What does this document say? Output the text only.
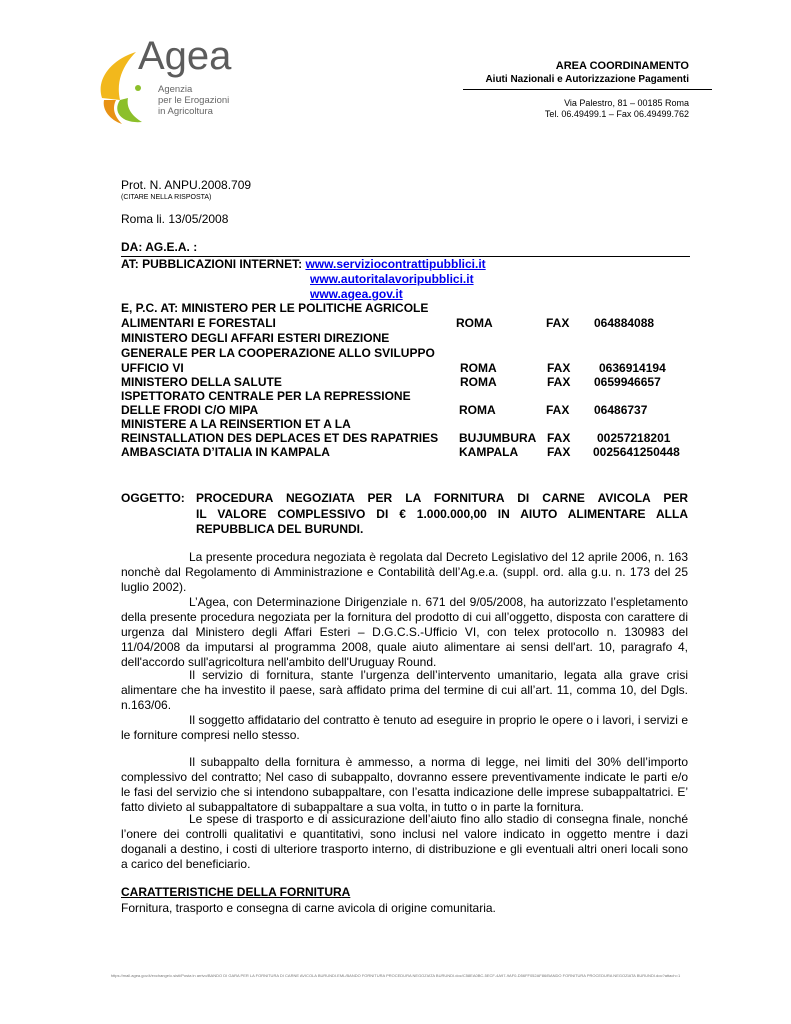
Agea
Agenzia
per le Erogazioni
in Agricoltura
AREA COORDINAMENTO
Aiuti Nazionali e Autorizzazione Pagamenti
Via Palestro, 81 – 00185 Roma
Tel. 06.49499.1 – Fax 06.49499.762
Prot. N. ANPU.2008.709
(CITARE NELLA RISPOSTA)
Roma li. 13/05/2008
DA: AG.E.A. :
AT: PUBBLICAZIONI INTERNET: www.serviziocontrattipubblici.it
www.autoritalavoripubblici.it
www.agea.gov.it
E, P.C. AT: MINISTERO PER LE POLITICHE AGRICOLE
ALIMENTARI E FORESTALI	ROMA	FAX 064884088
MINISTERO DEGLI AFFARI ESTERI DIREZIONE
GENERALE PER LA COOPERAZIONE ALLO SVILUPPO
UFFICIO VI	ROMA	FAX 0636914194
MINISTERO DELLA SALUTE	ROMA	FAX 0659946657
ISPETTORATO CENTRALE PER LA REPRESSIONE
DELLE FRODI C/O MIPA	ROMA	FAX 06486737
MINISTERE A LA REINSERTION ET A LA
REINSTALLATION DES DEPLACES ET DES RAPATRIES BUJUMBURA FAX 00257218201
AMBASCIATA D’ITALIA IN KAMPALA	KAMPALA FAX 0025641250448
OGGETTO: PROCEDURA NEGOZIATA PER LA FORNITURA DI CARNE AVICOLA PER
IL VALORE COMPLESSIVO DI € 1.000.000,00 IN AIUTO ALIMENTARE ALLA
REPUBBLICA DEL BURUNDI.
La presente procedura negoziata è regolata dal Decreto Legislativo del 12 aprile 2006, n. 163 nonchè dal Regolamento di Amministrazione e Contabilità dell’Ag.e.a. (suppl. ord. alla g.u. n. 173 del 25 luglio 2002).
L’Agea, con Determinazione Dirigenziale n. 671 del 9/05/2008, ha autorizzato l’espletamento della presente procedura negoziata per la fornitura del prodotto di cui all’oggetto, disposta con carattere di urgenza dal Ministero degli Affari Esteri – D.G.C.S.-Ufficio VI, con telex protocollo n. 130983 del 11/04/2008 da imputarsi al programma 2008, quale aiuto alimentare ai sensi dell'art. 10, paragrafo 4, dell'accordo sull'agricoltura nell'ambito dell'Uruguay Round.
Il servizio di fornitura, stante l’urgenza dell’intervento umanitario, legata alla grave crisi alimentare che ha investito il paese, sarà affidato prima del termine di cui all’art. 11, comma 10, del Dgls. n.163/06.
Il soggetto affidatario del contratto è tenuto ad eseguire in proprio le opere o i lavori, i servizi e le forniture compresi nello stesso.
Il subappalto della fornitura è ammesso, a norma di legge, nei limiti del 30% dell’importo complessivo del contratto; Nel caso di subappalto, dovranno essere preventivamente indicate le parti e/o le fasi del servizio che si intendono subappaltare, con l’esatta indicazione delle imprese subappaltatrici. E’ fatto divieto al subappaltatore di subappaltare a sua volta, in tutto o in parte la fornitura.
Le spese di trasporto e di assicurazione dell’aiuto fino allo stadio di consegna finale, nonché l’onere dei controlli qualitativi e quantitativi, sono inclusi nel valore indicato in oggetto mentre i dazi doganali a destino, i costi di ulteriore trasporto interno, di distribuzione e gli eventuali altri oneri locali sono a carico del beneficiario.
CARATTERISTICHE DELLA FORNITURA
Fornitura, trasporto e consegna di carne avicola di origine comunitaria.
https://mail.agea.gov.it/exchange/c.sisti/Posta in arrivo/BANDO DI GARA PER LA FORNITURA DI CARNE AVICOLA BURUNDI.EML/BANDO FORNITURA PROCEDURA NEGOZIATA BURUNDI.doc/C58EA0BC-5ECF-4A97-9AF0-D56FF052AF86/BANDO FORNITURA PROCEDURA NEGOZIATA BURUNDI.doc?attach=1
